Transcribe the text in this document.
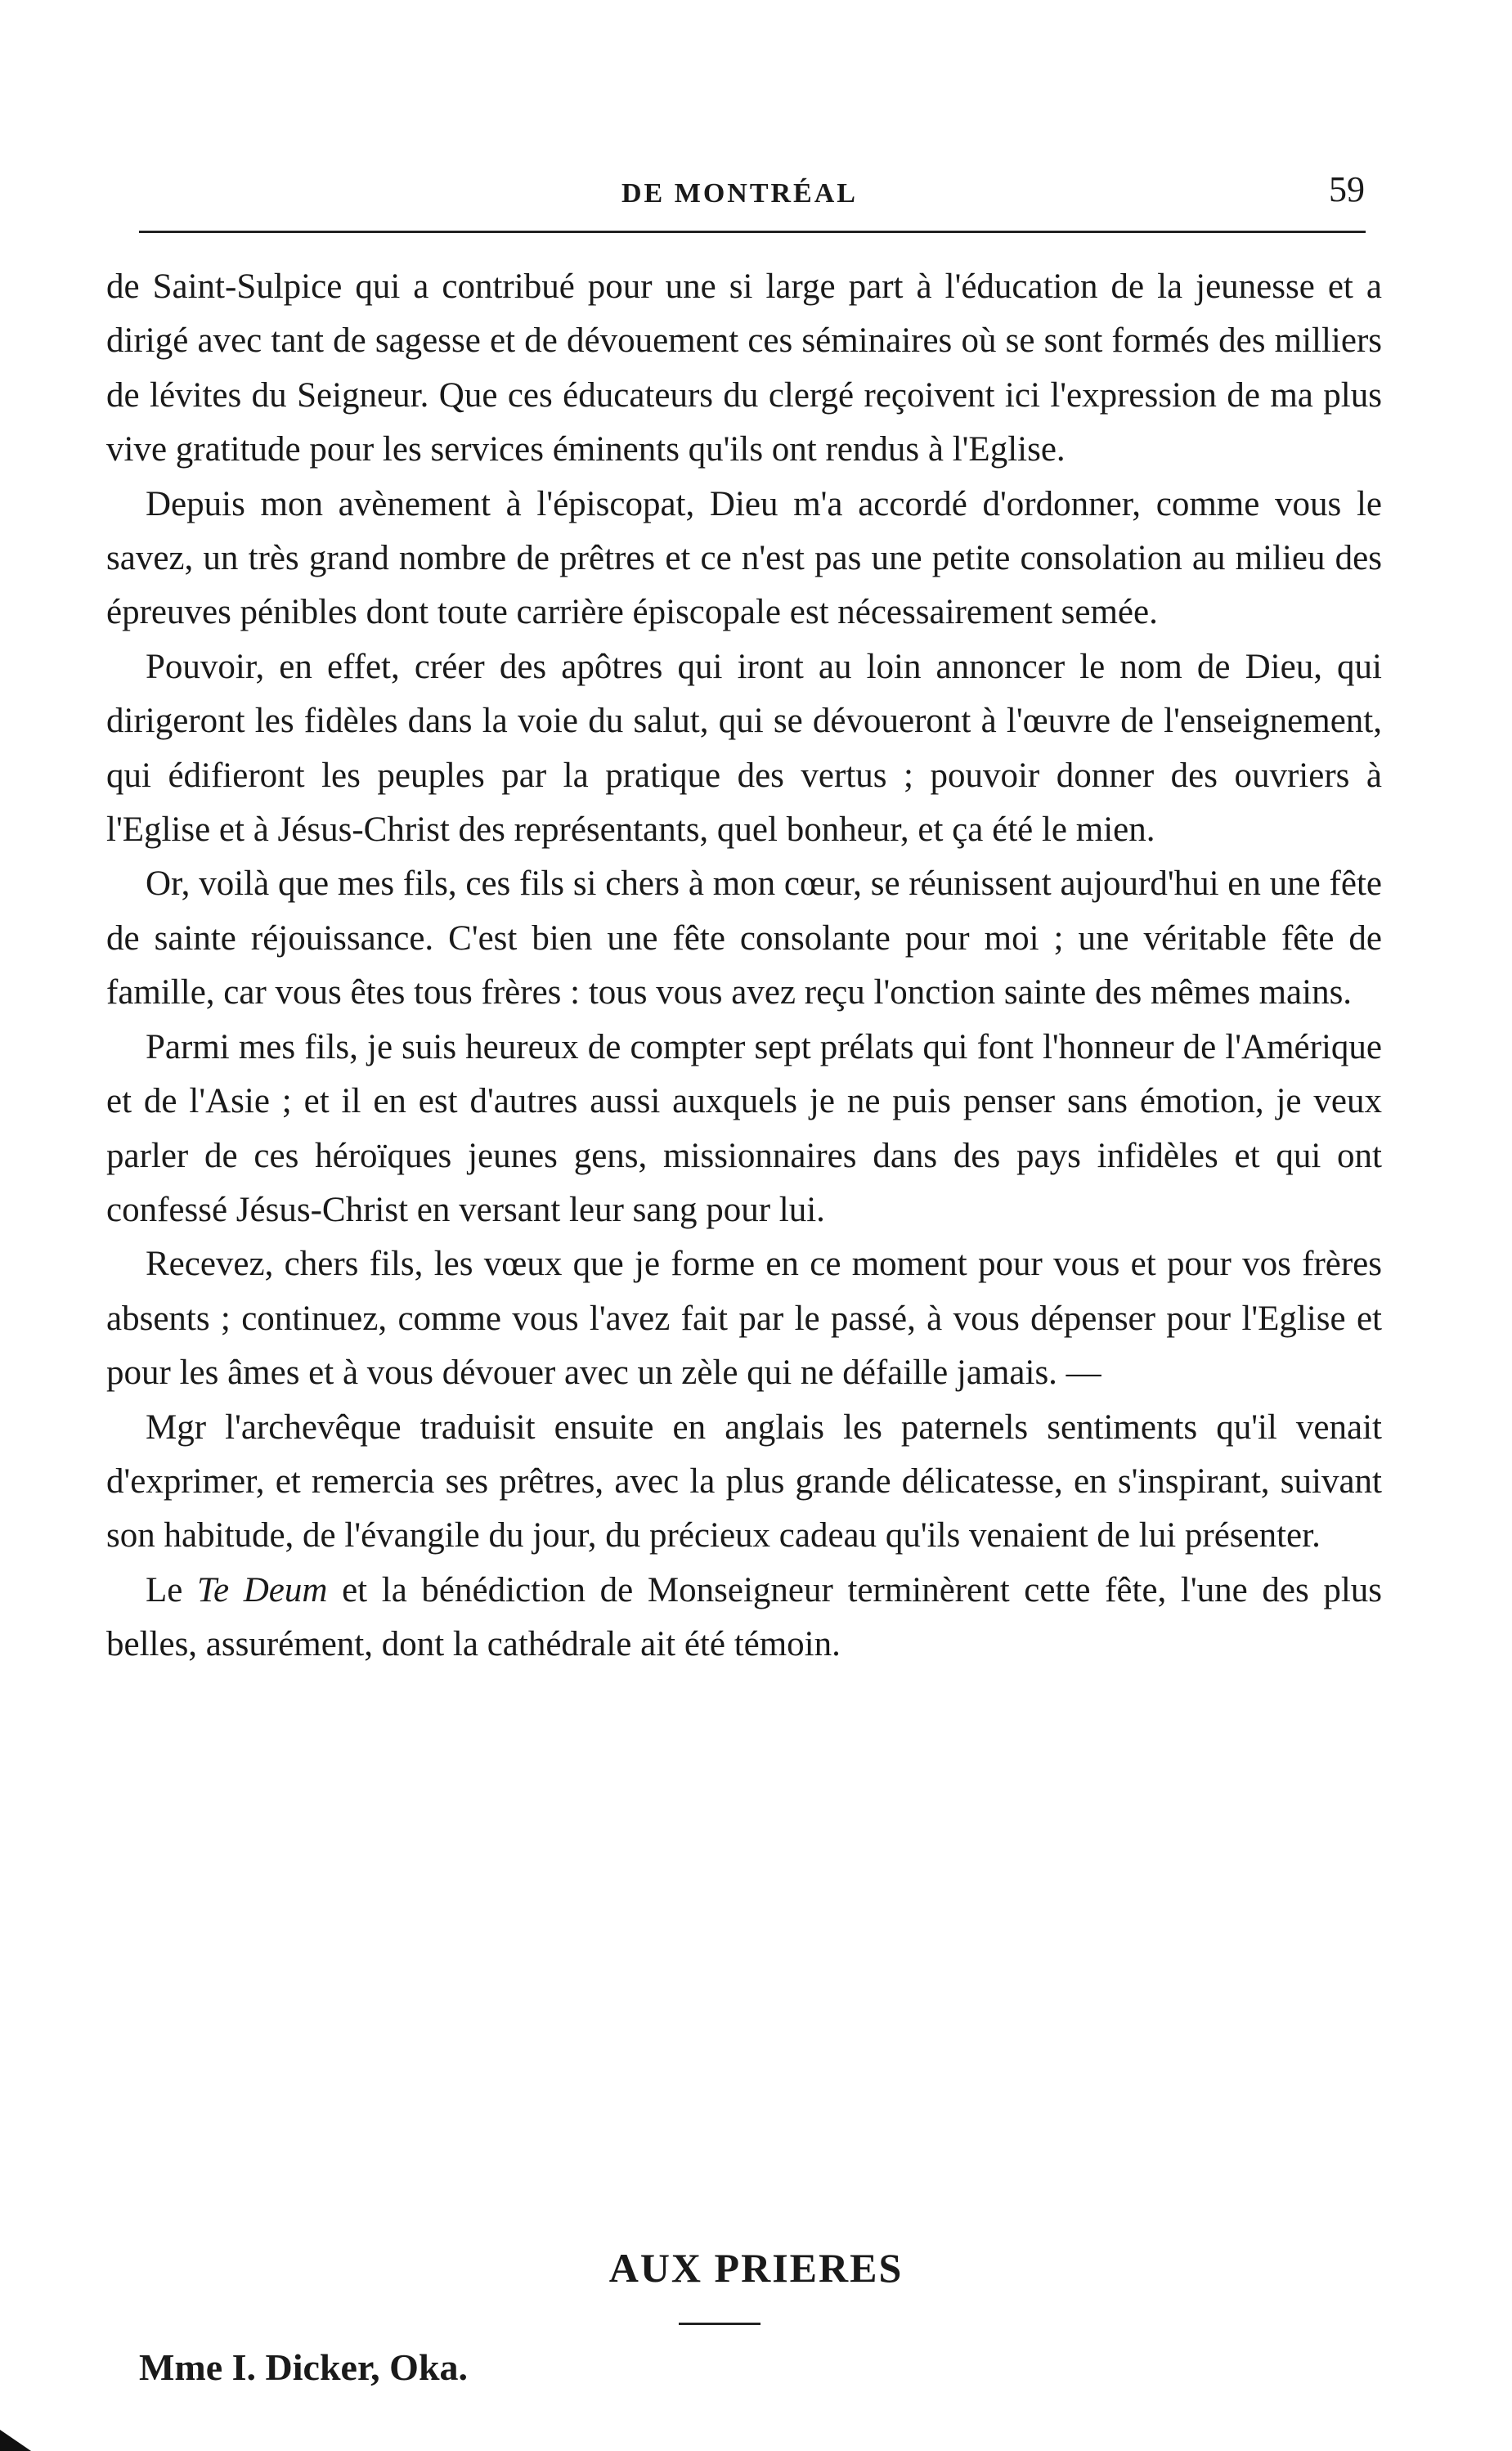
DE MONTRÉAL	59

de Saint-Sulpice qui a contribué pour une si large part à l'éducation de la jeunesse et a dirigé avec tant de sagesse et de dévouement ces séminaires où se sont formés des milliers de lévites du Seigneur. Que ces éducateurs du clergé reçoivent ici l'expression de ma plus vive gratitude pour les services éminents qu'ils ont rendus à l'Eglise.

Depuis mon avènement à l'épiscopat, Dieu m'a accordé d'ordonner, comme vous le savez, un très grand nombre de prêtres et ce n'est pas une petite consolation au milieu des épreuves pénibles dont toute carrière épiscopale est nécessairement semée.

Pouvoir, en effet, créer des apôtres qui iront au loin annoncer le nom de Dieu, qui dirigeront les fidèles dans la voie du salut, qui se dévoueront à l'œuvre de l'enseignement, qui édifieront les peuples par la pratique des vertus ; pouvoir donner des ouvriers à l'Eglise et à Jésus-Christ des représentants, quel bonheur, et ça été le mien.

Or, voilà que mes fils, ces fils si chers à mon cœur, se réunissent aujourd'hui en une fête de sainte réjouissance. C'est bien une fête consolante pour moi ; une véritable fête de famille, car vous êtes tous frères : tous vous avez reçu l'onction sainte des mêmes mains.

Parmi mes fils, je suis heureux de compter sept prélats qui font l'honneur de l'Amérique et de l'Asie ; et il en est d'autres aussi auxquels je ne puis penser sans émotion, je veux parler de ces héroïques jeunes gens, missionnaires dans des pays infidèles et qui ont confessé Jésus-Christ en versant leur sang pour lui.

Recevez, chers fils, les vœux que je forme en ce moment pour vous et pour vos frères absents ; continuez, comme vous l'avez fait par le passé, à vous dépenser pour l'Eglise et pour les âmes et à vous dévouer avec un zèle qui ne défaille jamais. —

Mgr l'archevêque traduisit ensuite en anglais les paternels sentiments qu'il venait d'exprimer, et remercia ses prêtres, avec la plus grande délicatesse, en s'inspirant, suivant son habitude, de l'évangile du jour, du précieux cadeau qu'ils venaient de lui présenter.

Le Te Deum et la bénédiction de Monseigneur terminèrent cette fête, l'une des plus belles, assurément, dont la cathédrale ait été témoin.

AUX PRIERES
Mme I. Dicker, Oka.
